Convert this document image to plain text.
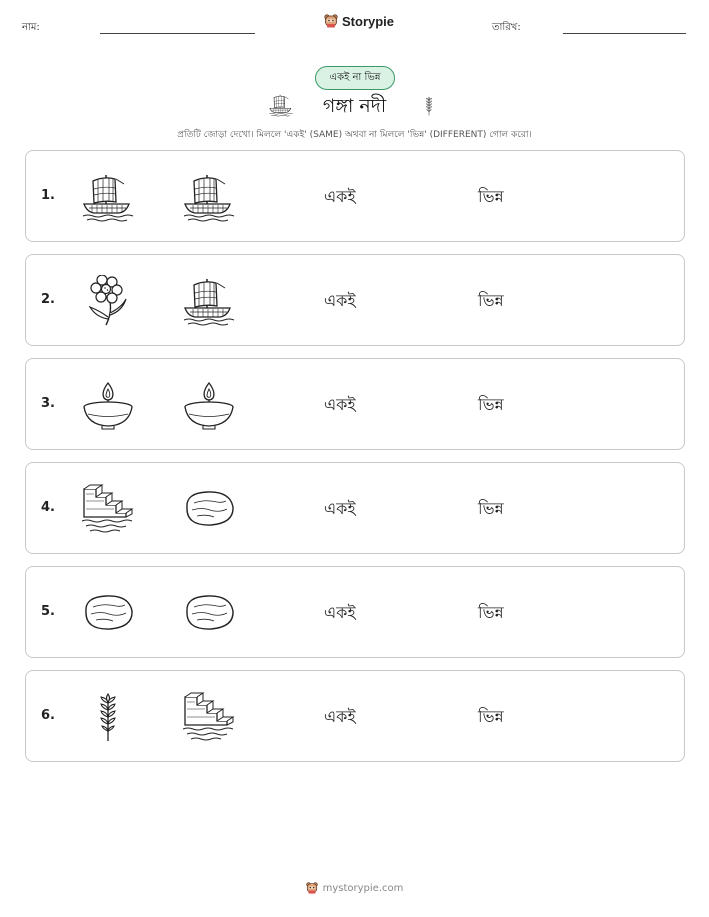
নাম:	Storypie	তারিখ:
একই না ভিন্ন
গঙ্গা নদী
প্রতিটি জোড়া দেখো। মিললে 'একই' (SAME) অথবা না মিললে 'ভিন্ন' (DIFFERENT) গোল করো।
1.	একই	ভিন্ন
2.	একই	ভিন্ন
3.	একই	ভিন্ন
4.	একই	ভিন্ন
5.	একই	ভিন্ন
6.	একই	ভিন্ন
mystorypie.com
